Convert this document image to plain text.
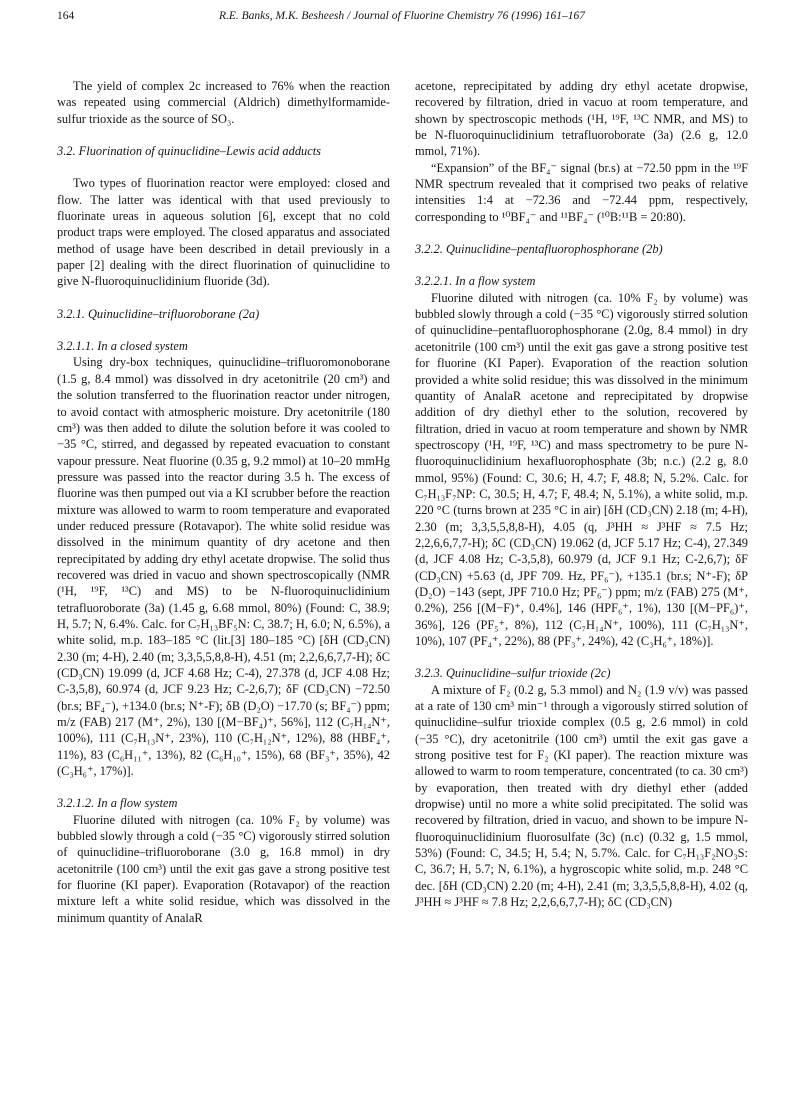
164	R.E. Banks, M.K. Besheesh / Journal of Fluorine Chemistry 76 (1996) 161–167

The yield of complex 2c increased to 76% when the reaction was repeated using commercial (Aldrich) dimethylformamide-sulfur trioxide as the source of SO₃.

3.2. Fluorination of quinuclidine–Lewis acid adducts

Two types of fluorination reactor were employed: closed and flow. The latter was identical with that used previously to fluorinate ureas in aqueous solution [6], except that no cold product traps were employed. The closed apparatus and associated method of usage have been described in detail previously in a paper [2] dealing with the direct fluorination of quinuclidine to give N-fluoroquinuclidinium fluoride (3d).

3.2.1. Quinuclidine–trifluoroborane (2a)
3.2.1.1. In a closed system

Using dry-box techniques, quinuclidine–trifluoromonoborane (1.5 g, 8.4 mmol) was dissolved in dry acetonitrile (20 cm³) and the solution transferred to the fluorination reactor under nitrogen, to avoid contact with atmospheric moisture. Dry acetonitrile (180 cm³) was then added to dilute the solution before it was cooled to −35 °C, stirred, and degassed by repeated evacuation to constant vapour pressure. Neat fluorine (0.35 g, 9.2 mmol) at 10–20 mmHg pressure was passed into the reactor during 3.5 h. The excess of fluorine was then pumped out via a KI scrubber before the reaction mixture was allowed to warm to room temperature and evaporated under reduced pressure (Rotavapor). The white solid residue was dissolved in the minimum quantity of dry acetone and then reprecipitated by adding dry ethyl acetate dropwise. The solid thus recovered was dried in vacuo and shown spectroscopically (NMR (¹H, ¹⁹F, ¹³C) and MS) to be N-fluoroquinuclidinium tetrafluoroborate (3a) (1.45 g, 6.68 mmol, 80%) (Found: C, 38.9; H, 5.7; N, 6.4%. Calc. for C₇H₁₃BF₅N: C, 38.7; H, 6.0; N, 6.5%), a white solid, m.p. 183–185 °C (lit.[3] 180–185 °C) [δH (CD₃CN) 2.30 (m; 4-H), 2.40 (m; 3,3,5,5,8,8-H), 4.51 (m; 2,2,6,6,7,7-H); δC (CD₃CN) 19.099 (d, JCF 4.68 Hz; C-4), 27.378 (d, JCF 4.08 Hz; C-3,5,8), 60.974 (d, JCF 9.23 Hz; C-2,6,7); δF (CD₃CN) −72.50 (br.s; BF₄⁻), +134.0 (br.s; N⁺-F); δB (D₂O) −17.70 (s; BF₄⁻) ppm; m/z (FAB) 217 (M⁺, 2%), 130 [(M−BF₄)⁺, 56%], 112 (C₇H₁₄N⁺, 100%), 111 (C₇H₁₃N⁺, 23%), 110 (C₇H₁₂N⁺, 12%), 88 (HBF₄⁺, 11%), 83 (C₆H₁₁⁺, 13%), 82 (C₆H₁₀⁺, 15%), 68 (BF₃⁺, 35%), 42 (C₃H₆⁺, 17%)].

3.2.1.2. In a flow system

Fluorine diluted with nitrogen (ca. 10% F₂ by volume) was bubbled slowly through a cold (−35 °C) vigorously stirred solution of quinuclidine–trifluoroborane (3.0 g, 16.8 mmol) in dry acetonitrile (100 cm³) until the exit gas gave a strong positive test for fluorine (KI paper). Evaporation (Rotavapor) of the reaction mixture left a white solid residue, which was dissolved in the minimum quantity of AnalaR

acetone, reprecipitated by adding dry ethyl acetate dropwise, recovered by filtration, dried in vacuo at room temperature, and shown by spectroscopic methods (¹H, ¹⁹F, ¹³C NMR, and MS) to be N-fluoroquinuclidinium tetrafluoroborate (3a) (2.6 g, 12.0 mmol, 71%).

“Expansion” of the BF₄⁻ signal (br.s) at −72.50 ppm in the ¹⁹F NMR spectrum revealed that it comprised two peaks of relative intensities 1:4 at −72.36 and −72.44 ppm, respectively, corresponding to ¹⁰BF₄⁻ and ¹¹BF₄⁻ (¹⁰B:¹¹B = 20:80).

3.2.2. Quinuclidine–pentafluorophosphorane (2b)
3.2.2.1. In a flow system

Fluorine diluted with nitrogen (ca. 10% F₂ by volume) was bubbled slowly through a cold (−35 °C) vigorously stirred solution of quinuclidine–pentafluorophosphorane (2.0g, 8.4 mmol) in dry acetonitrile (100 cm³) until the exit gas gave a strong positive test for fluorine (KI Paper). Evaporation of the reaction solution provided a white solid residue; this was dissolved in the minimum quantity of AnalaR acetone and reprecipitated by dropwise addition of dry diethyl ether to the solution, recovered by filtration, dried in vacuo at room temperature and shown by NMR spectroscopy (¹H, ¹⁹F, ¹³C) and mass spectrometry to be pure N-fluoroquinuclidinium hexafluorophosphate (3b; n.c.) (2.2 g, 8.0 mmol, 95%) (Found: C, 30.6; H, 4.7; F, 48.8; N, 5.2%. Calc. for C₇H₁₃F₇NP: C, 30.5; H, 4.7; F, 48.4; N, 5.1%), a white solid, m.p. 220 °C (turns brown at 235 °C in air) [δH (CD₃CN) 2.18 (m; 4-H), 2.30 (m; 3,3,5,5,8,8-H), 4.05 (q, J³HH ≈ J³HF ≈ 7.5 Hz; 2,2,6,6,7,7-H); δC (CD₃CN) 19.062 (d, JCF 5.17 Hz; C-4), 27.349 (d, JCF 4.08 Hz; C-3,5,8), 60.979 (d, JCF 9.1 Hz; C-2,6,7); δF (CD₃CN) +5.63 (d, JPF 709. Hz, PF₆⁻), +135.1 (br.s; N⁺-F); δP (D₂O) −143 (sept, JPF 710.0 Hz; PF₆⁻) ppm; m/z (FAB) 275 (M⁺, 0.2%), 256 [(M−F)⁺, 0.4%], 146 (HPF₆⁺, 1%), 130 [(M−PF₆)⁺, 36%], 126 (PF₅⁺, 8%), 112 (C₇H₁₄N⁺, 100%), 111 (C₇H₁₃N⁺, 10%), 107 (PF₄⁺, 22%), 88 (PF₃⁺, 24%), 42 (C₃H₆⁺, 18%)].

3.2.3. Quinuclidine–sulfur trioxide (2c)

A mixture of F₂ (0.2 g, 5.3 mmol) and N₂ (1.9 v/v) was passed at a rate of 130 cm³ min⁻¹ through a vigorously stirred solution of quinuclidine–sulfur trioxide complex (0.5 g, 2.6 mmol) in cold (−35 °C), dry acetonitrile (100 cm³) umtil the exit gas gave a strong positive test for F₂ (KI paper). The reaction mixture was allowed to warm to room temperature, concentrated (to ca. 30 cm³) by evaporation, then treated with dry diethyl ether (added dropwise) until no more a white solid precipitated. The solid was recovered by filtration, dried in vacuo, and shown to be impure N-fluoroquinuclidinium fluorosulfate (3c) (n.c) (0.32 g, 1.5 mmol, 53%) (Found: C, 34.5; H, 5.4; N, 5.7%. Calc. for C₇H₁₃F₂NO₃S: C, 36.7; H, 5.7; N, 6.1%), a hygroscopic white solid, m.p. 248 °C dec. [δH (CD₃CN) 2.20 (m; 4-H), 2.41 (m; 3,3,5,5,8,8-H), 4.02 (q, J³HH ≈ J³HF ≈ 7.8 Hz; 2,2,6,6,7,7-H); δC (CD₃CN)
